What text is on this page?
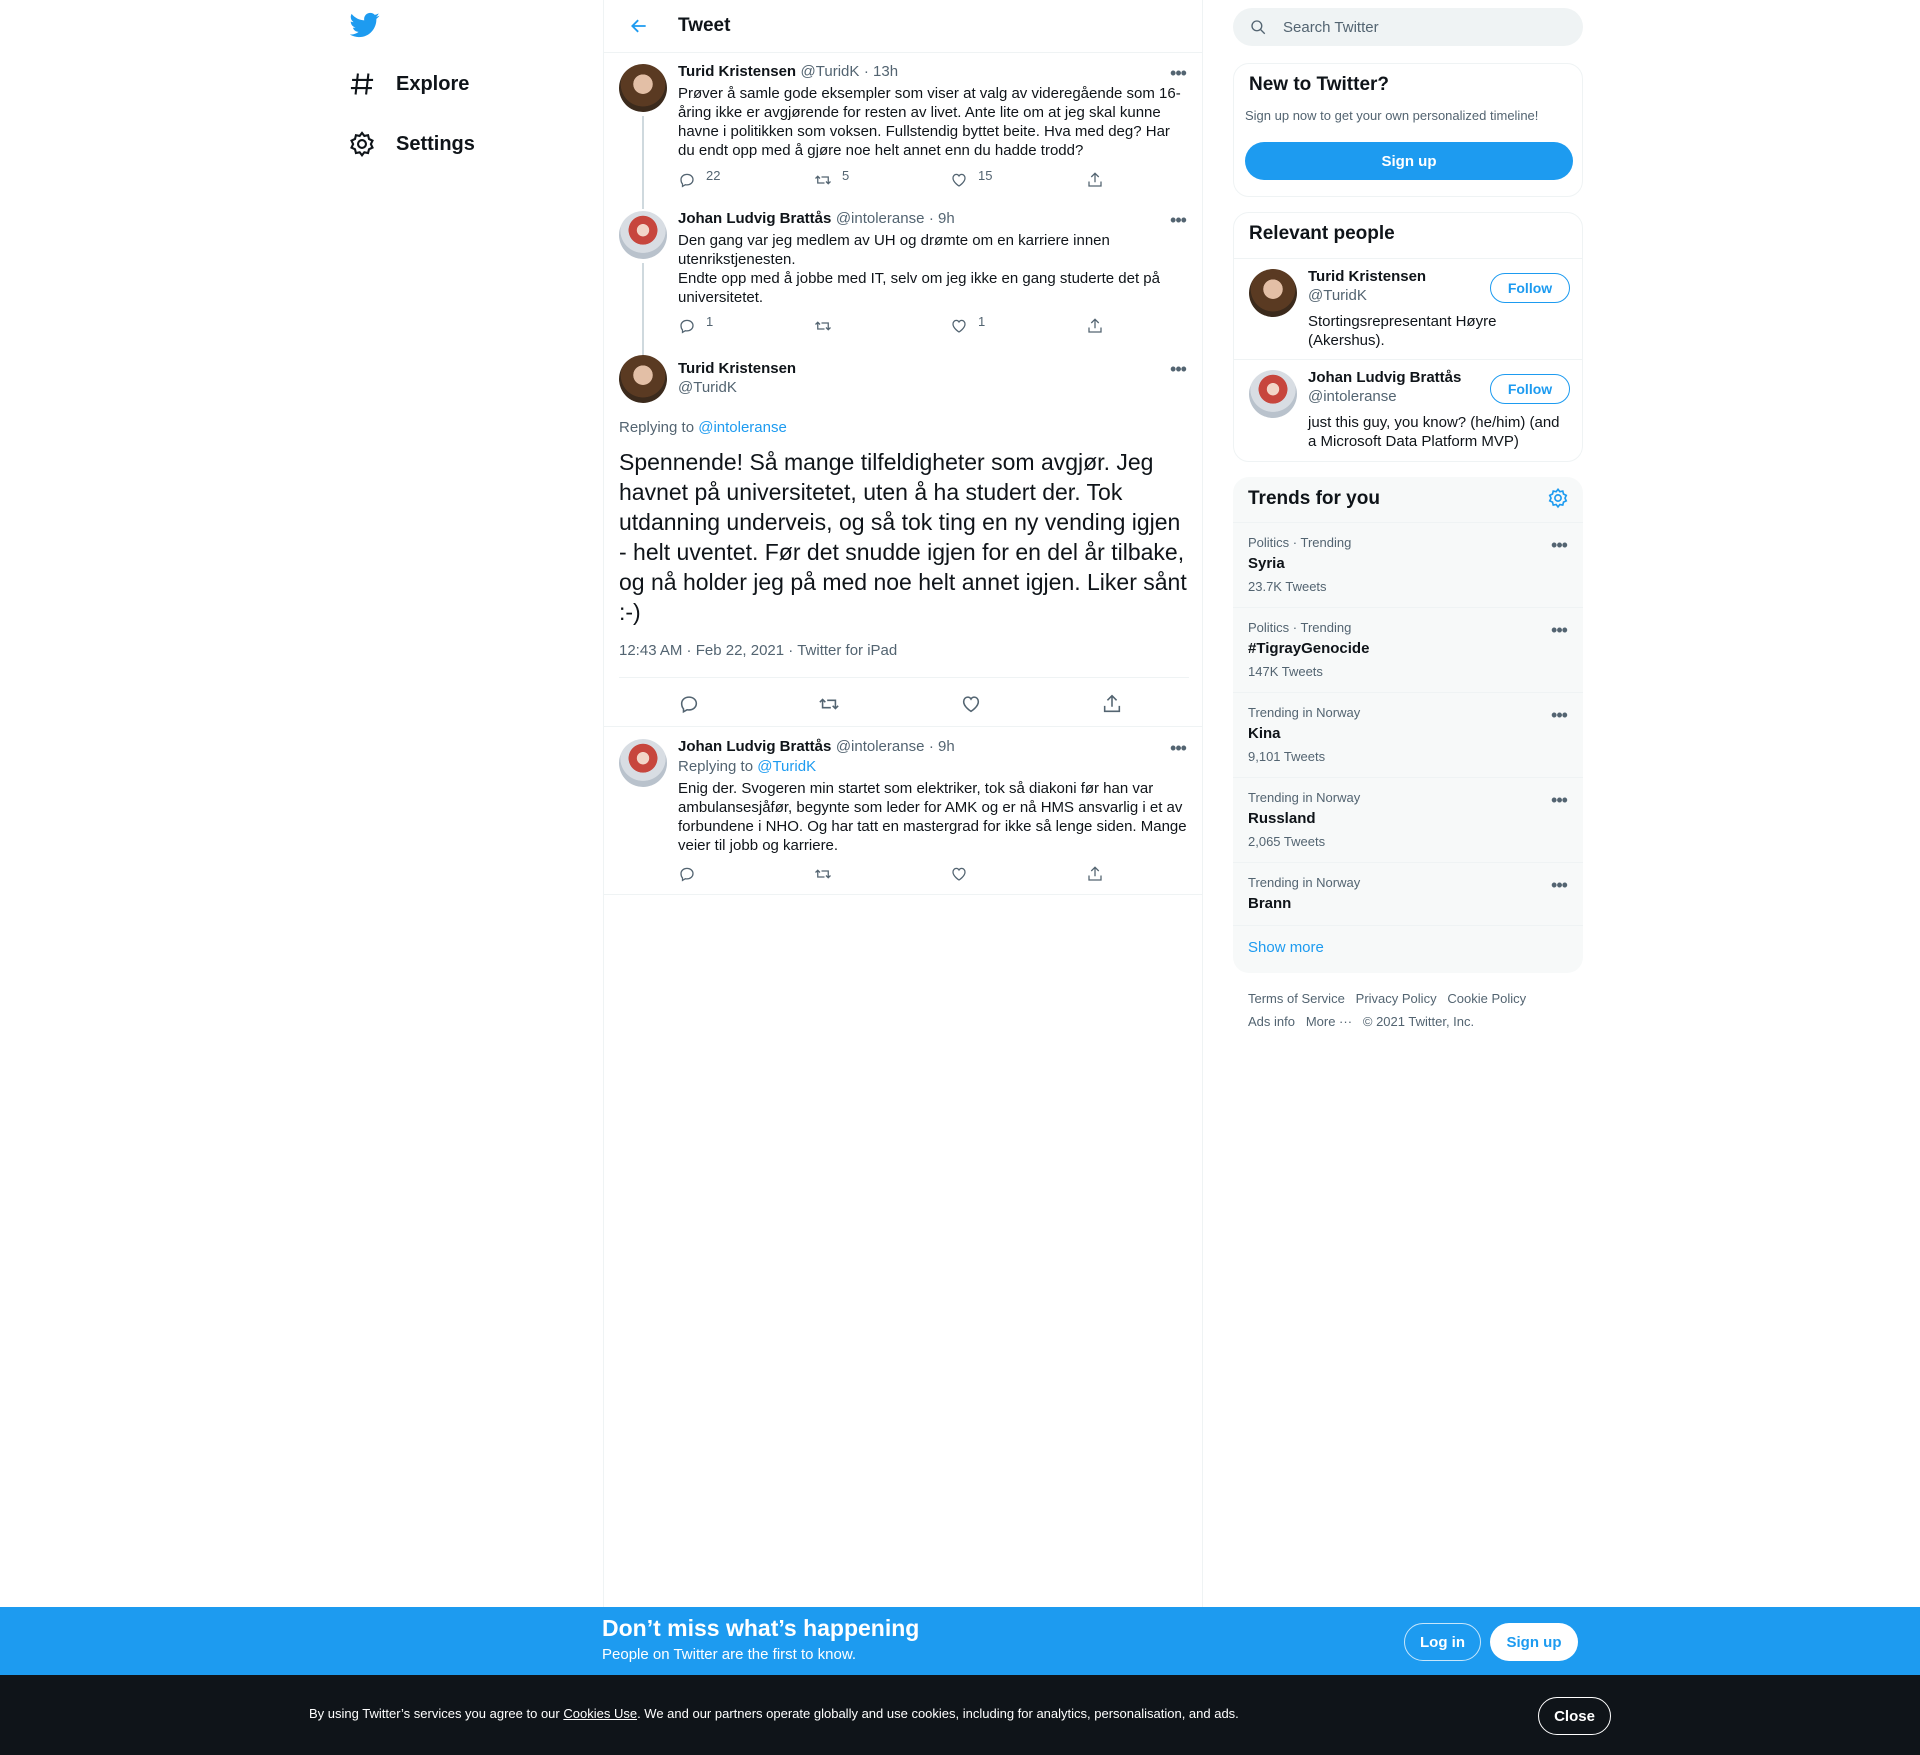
Explore
Settings
Tweet
Turid Kristensen @TuridK · 13h	•••
Prøver å samle gode eksempler som viser at valg av videregående som 16-
åring ikke er avgjørende for resten av livet. Ante lite om at jeg skal kunne
havne i politikken som voksen. Fullstendig byttet beite. Hva med deg? Har
du endt opp med å gjøre noe helt annet enn du hadde trodd?
22	5	15
Johan Ludvig Brattås @intoleranse · 9h	•••
Den gang var jeg medlem av UH og drømte om en karriere innen
utenrikstjenesten.
Endte opp med å jobbe med IT, selv om jeg ikke en gang studerte det på
universitetet.
1	1
Turid Kristensen
@TuridK
•••
Replying to @intoleranse
Spennende! Så mange tilfeldigheter som avgjør. Jeg havnet på universitetet, uten å ha studert der. Tok utdanning underveis, og så tok ting en ny vending igjen - helt uventet. Før det snudde igjen for en del år tilbake, og nå holder jeg på med noe helt annet igjen. Liker sånt :-)
12:43 AM · Feb 22, 2021 · Twitter for iPad
Johan Ludvig Brattås @intoleranse · 9h	•••
Replying to @TuridK
Enig der. Svogeren min startet som elektriker, tok så diakoni før han var
ambulansesjåfør, begynte som leder for AMK og er nå HMS ansvarlig i et av
forbundene i NHO. Og har tatt en mastergrad for ikke så lenge siden. Mange
veier til jobb og karriere.
Search Twitter
New to Twitter?
Sign up now to get your own personalized timeline!
Sign up
Relevant people
Turid Kristensen
@TuridK	Follow
Stortingsrepresentant Høyre
(Akershus).
Johan Ludvig Brattås
@intoleranse	Follow
just this guy, you know? (he/him) (and
a Microsoft Data Platform MVP)
Trends for you
Politics · Trending
Syria
23.7K Tweets
•••
Politics · Trending
#TigrayGenocide
147K Tweets
•••
Trending in Norway
Kina
9,101 Tweets
•••
Trending in Norway
Russland
2,065 Tweets
•••
Trending in Norway
Brann
•••
Show more
Terms of Service Privacy Policy Cookie Policy
Ads info More ··· © 2021 Twitter, Inc.
Don’t miss what’s happening
People on Twitter are the first to know.
Log in	Sign up
By using Twitter’s services you agree to our Cookies Use. We and our partners operate globally and use cookies, including for analytics, personalisation, and ads.	Close
